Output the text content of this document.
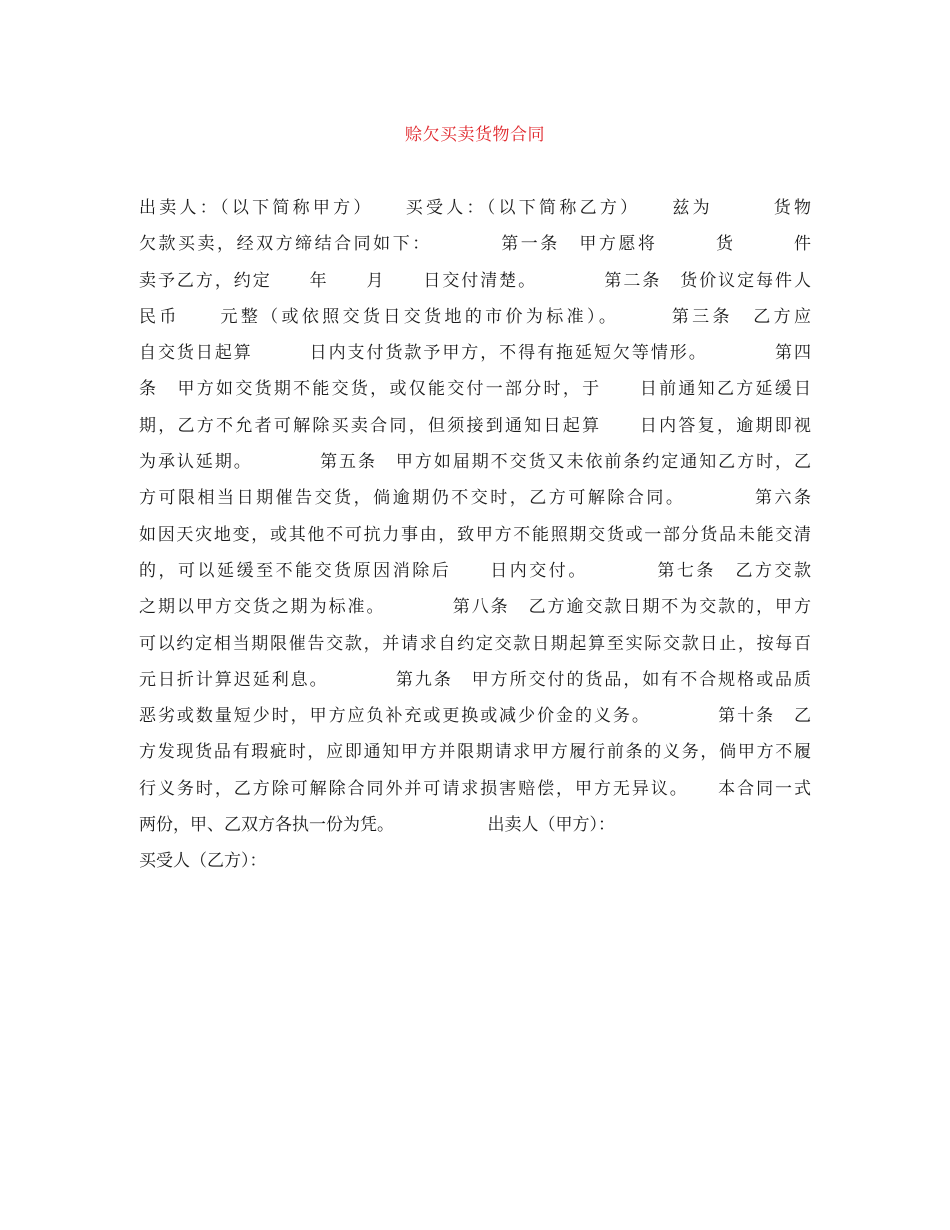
赊欠买卖货物合同
出卖人：（以下简称甲方）　　买受人：（以下简称乙方）　　兹为　　　货物
欠款买卖，经双方缔结合同如下：　　　　第一条　甲方愿将　　　货　　　件
卖予乙方，约定　　年　　月　　日交付清楚。　　　　第二条　货价议定每件人
民币　　元整（或依照交货日交货地的市价为标准）。　　　第三条　乙方应
自交货日起算　　　日内支付货款予甲方，不得有拖延短欠等情形。　　　　第四
条　甲方如交货期不能交货，或仅能交付一部分时，于　　日前通知乙方延缓日
期，乙方不允者可解除买卖合同，但须接到通知日起算　　日内答复，逾期即视
为承认延期。　　　　第五条　甲方如届期不交货又未依前条约定通知乙方时，乙
方可限相当日期催告交货，倘逾期仍不交时，乙方可解除合同。　　　　第六条
如因天灾地变，或其他不可抗力事由，致甲方不能照期交货或一部分货品未能交清
的，可以延缓至不能交货原因消除后　　日内交付。　　　　第七条　乙方交款
之期以甲方交货之期为标准。　　　　第八条　乙方逾交款日期不为交款的，甲方
可以约定相当期限催告交款，并请求自约定交款日期起算至实际交款日止，按每百
元日折计算迟延利息。　　　　第九条　甲方所交付的货品，如有不合规格或品质
恶劣或数量短少时，甲方应负补充或更换或减少价金的义务。　　　　第十条　乙
方发现货品有瑕疵时，应即通知甲方并限期请求甲方履行前条的义务，倘甲方不履
行义务时，乙方除可解除合同外并可请求损害赔偿，甲方无异议。　　本合同一式
两份，甲、乙双方各执一份为凭。　　　　　　出卖人（甲方）：
买受人（乙方）：
